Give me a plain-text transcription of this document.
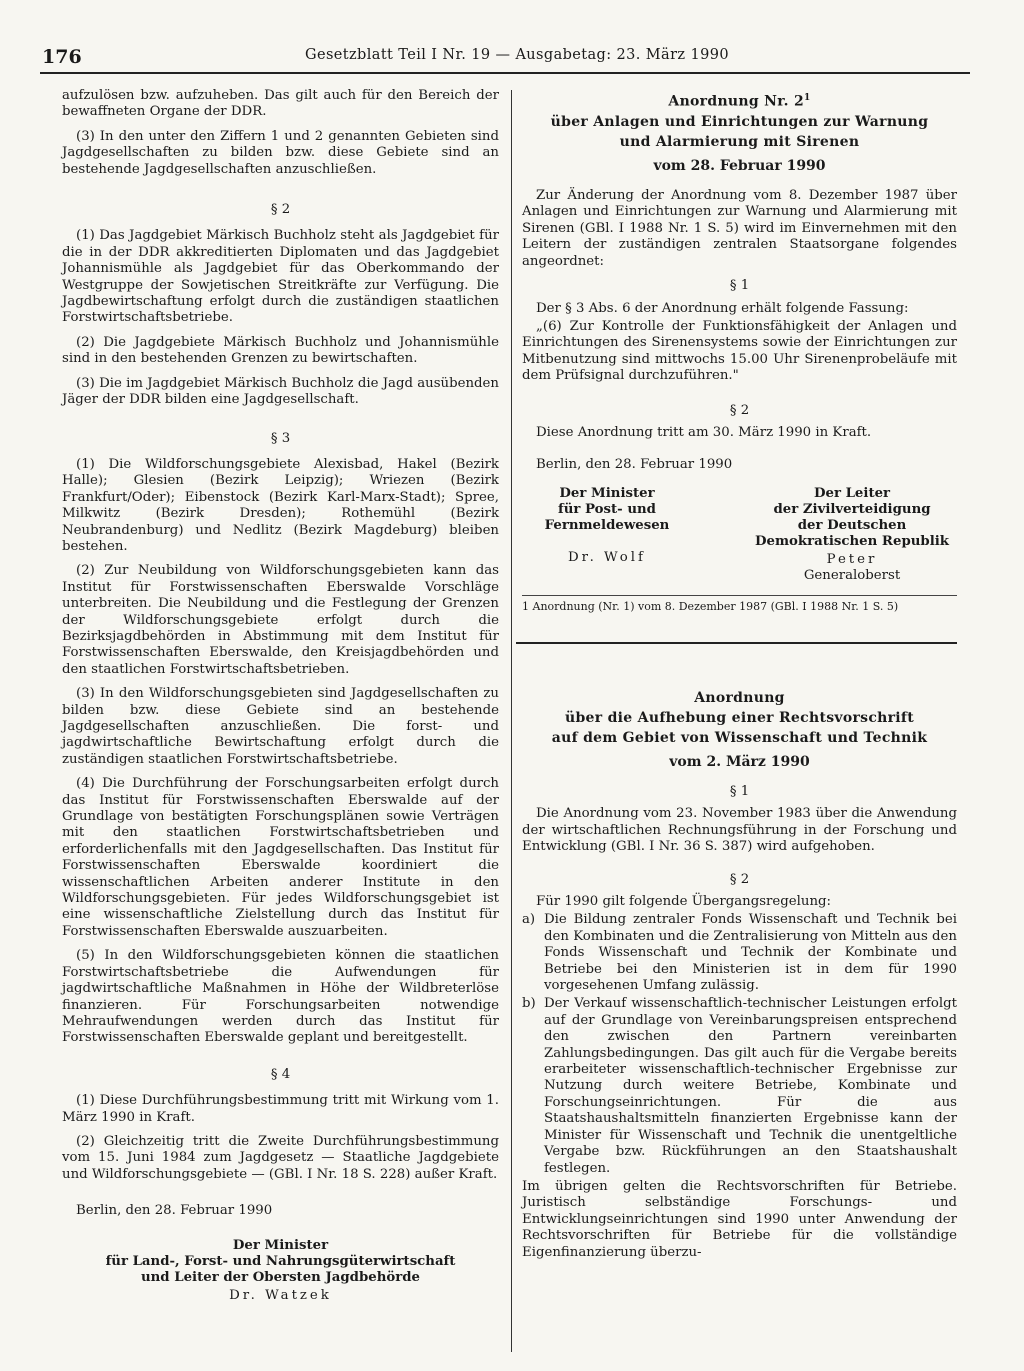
176	Gesetzblatt Teil I Nr. 19 — Ausgabetag: 23. März 1990

aufzulösen bzw. aufzuheben. Das gilt auch für den Bereich der bewaffneten Organe der DDR.

(3) In den unter den Ziffern 1 und 2 genannten Gebieten sind Jagdgesellschaften zu bilden bzw. diese Gebiete sind an bestehende Jagdgesellschaften anzuschließen.

§ 2

(1) Das Jagdgebiet Märkisch Buchholz steht als Jagdgebiet für die in der DDR akkreditierten Diplomaten und das Jagdgebiet Johannismühle als Jagdgebiet für das Oberkommando der Westgruppe der Sowjetischen Streitkräfte zur Verfügung. Die Jagdbewirtschaftung erfolgt durch die zuständigen staatlichen Forstwirtschaftsbetriebe.

(2) Die Jagdgebiete Märkisch Buchholz und Johannismühle sind in den bestehenden Grenzen zu bewirtschaften.

(3) Die im Jagdgebiet Märkisch Buchholz die Jagd ausübenden Jäger der DDR bilden eine Jagdgesellschaft.

§ 3

(1) Die Wildforschungsgebiete Alexisbad, Hakel (Bezirk Halle); Glesien (Bezirk Leipzig); Wriezen (Bezirk Frankfurt/Oder); Eibenstock (Bezirk Karl-Marx-Stadt); Spree, Milkwitz (Bezirk Dresden); Rothemühl (Bezirk Neubrandenburg) und Nedlitz (Bezirk Magdeburg) bleiben bestehen.

(2) Zur Neubildung von Wildforschungsgebieten kann das Institut für Forstwissenschaften Eberswalde Vorschläge unterbreiten. Die Neubildung und die Festlegung der Grenzen der Wildforschungsgebiete erfolgt durch die Bezirksjagdbehörden in Abstimmung mit dem Institut für Forstwissenschaften Eberswalde, den Kreisjagdbehörden und den staatlichen Forstwirtschaftsbetrieben.

(3) In den Wildforschungsgebieten sind Jagdgesellschaften zu bilden bzw. diese Gebiete sind an bestehende Jagdgesellschaften anzuschließen. Die forst- und jagdwirtschaftliche Bewirtschaftung erfolgt durch die zuständigen staatlichen Forstwirtschaftsbetriebe.

(4) Die Durchführung der Forschungsarbeiten erfolgt durch das Institut für Forstwissenschaften Eberswalde auf der Grundlage von bestätigten Forschungsplänen sowie Verträgen mit den staatlichen Forstwirtschaftsbetrieben und erforderlichenfalls mit den Jagdgesellschaften. Das Institut für Forstwissenschaften Eberswalde koordiniert die wissenschaftlichen Arbeiten anderer Institute in den Wildforschungsgebieten. Für jedes Wildforschungsgebiet ist eine wissenschaftliche Zielstellung durch das Institut für Forstwissenschaften Eberswalde auszuarbeiten.

(5) In den Wildforschungsgebieten können die staatlichen Forstwirtschaftsbetriebe die Aufwendungen für jagdwirtschaftliche Maßnahmen in Höhe der Wildbreterlöse finanzieren. Für Forschungsarbeiten notwendige Mehraufwendungen werden durch das Institut für Forstwissenschaften Eberswalde geplant und bereitgestellt.

§ 4

(1) Diese Durchführungsbestimmung tritt mit Wirkung vom 1. März 1990 in Kraft.

(2) Gleichzeitig tritt die Zweite Durchführungsbestimmung vom 15. Juni 1984 zum Jagdgesetz — Staatliche Jagdgebiete und Wildforschungsgebiete — (GBl. I Nr. 18 S. 228) außer Kraft.

Berlin, den 28. Februar 1990

Der Minister
für Land-, Forst- und Nahrungsgüterwirtschaft
und Leiter der Obersten Jagdbehörde
Dr. Watzek
Anordnung Nr. $2^1$
über Anlagen und Einrichtungen zur Warnung
und Alarmierung mit Sirenen
vom 28. Februar 1990

Zur Änderung der Anordnung vom 8. Dezember 1987 über Anlagen und Einrichtungen zur Warnung und Alarmierung mit Sirenen (GBl. I 1988 Nr. 1 S. 5) wird im Einvernehmen mit den Leitern der zuständigen zentralen Staatsorgane folgendes angeordnet:

§ 1

Der § 3 Abs. 6 der Anordnung erhält folgende Fassung:

„(6) Zur Kontrolle der Funktionsfähigkeit der Anlagen und Einrichtungen des Sirenensystems sowie der Einrichtungen zur Mitbenutzung sind mittwochs 15.00 Uhr Sirenenprobeläufe mit dem Prüfsignal durchzuführen."

§ 2

Diese Anordnung tritt am 30. März 1990 in Kraft.

Berlin, den 28. Februar 1990

Der Minister
für Post- und
Fernmeldewesen
Dr. Wolf
Der Leiter
der Zivilverteidigung
der Deutschen
Demokratischen Republik
Peter
Generaloberst
1 Anordnung (Nr. 1) vom 8. Dezember 1987 (GBl. I 1988 Nr. 1 S. 5)
Anordnung
über die Aufhebung einer Rechtsvorschrift
auf dem Gebiet von Wissenschaft und Technik
vom 2. März 1990
§ 1

Die Anordnung vom 23. November 1983 über die Anwendung der wirtschaftlichen Rechnungsführung in der Forschung und Entwicklung (GBl. I Nr. 36 S. 387) wird aufgehoben.

§ 2

Für 1990 gilt folgende Übergangsregelung:

a) Die Bildung zentraler Fonds Wissenschaft und Technik bei den Kombinaten und die Zentralisierung von Mitteln aus den Fonds Wissenschaft und Technik der Kombinate und Betriebe bei den Ministerien ist in dem für 1990 vorgesehenen Umfang zulässig.
b) Der Verkauf wissenschaftlich-technischer Leistungen erfolgt auf der Grundlage von Vereinbarungspreisen entsprechend den zwischen den Partnern vereinbarten Zahlungsbedingungen. Das gilt auch für die Vergabe bereits erarbeiteter wissenschaftlich-technischer Ergebnisse zur Nutzung durch weitere Betriebe, Kombinate und Forschungseinrichtungen. Für die aus Staatshaushaltsmitteln finanzierten Ergebnisse kann der Minister für Wissenschaft und Technik die unentgeltliche Vergabe bzw. Rückführungen an den Staatshaushalt festlegen.

Im übrigen gelten die Rechtsvorschriften für Betriebe. Juristisch selbständige Forschungs- und Entwicklungseinrichtungen sind 1990 unter Anwendung der Rechtsvorschriften für Betriebe für die vollständige Eigenfinanzierung überzu-
